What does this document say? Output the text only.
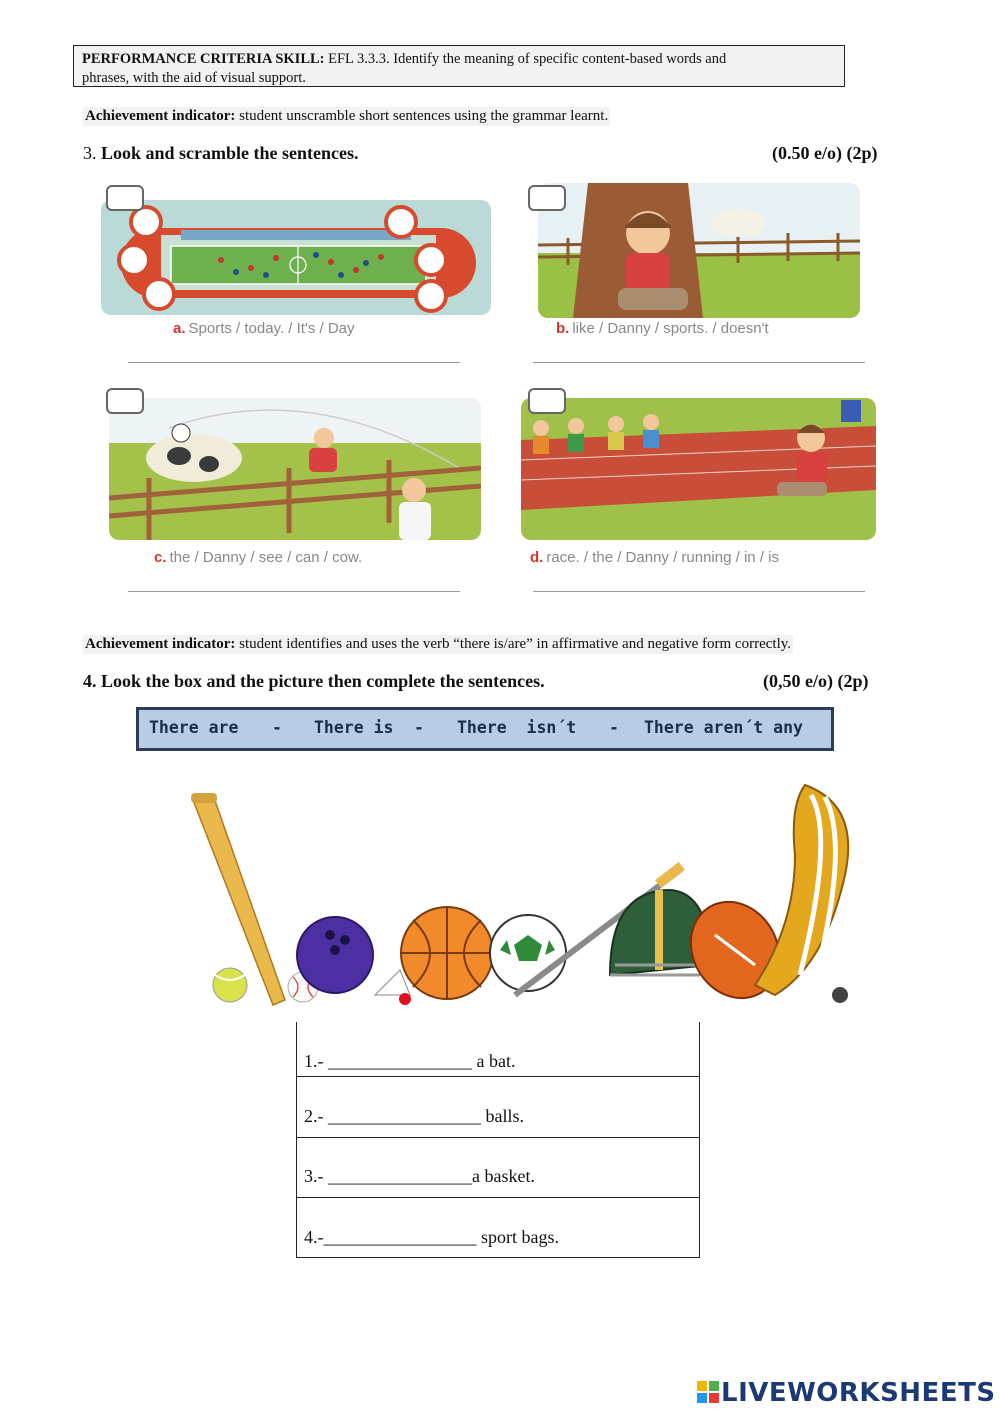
PERFORMANCE CRITERIA SKILL: EFL 3.3.3. Identify the meaning of specific content-based words and
phrases, with the aid of visual support.
Achievement indicator: student unscramble short sentences using the grammar learnt.
3. Look and scramble the sentences.	(0.50 e/o) (2p)
a. Sports / today. / It's / Day	b. like / Danny / sports. / doesn't
c. the / Danny / see / can / cow.	d. race. / the / Danny / running / in / is
Achievement indicator: student identifies and uses the verb “there is/are” in affirmative and negative form correctly.
4. Look the box and the picture then complete the sentences.	(0,50 e/o) (2p)
There are - There is - There  isn´t - There aren´t any
1.- ________________ a bat.
2.- _________________ balls.
3.- ________________a basket.
4.-_________________ sport bags.
LIVEWORKSHEETS
